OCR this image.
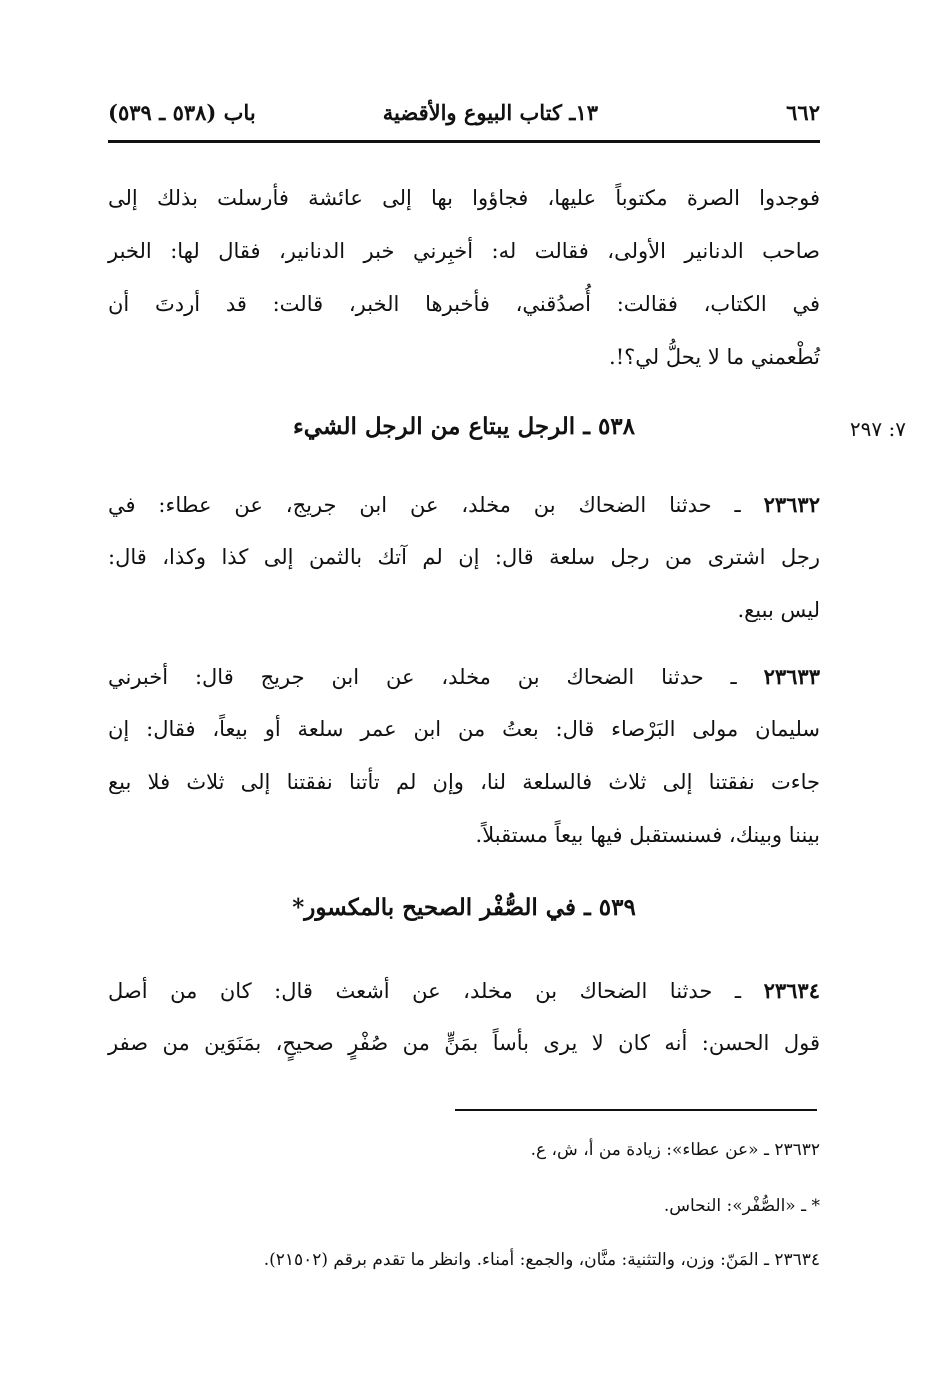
٦٦٢
١٣ـ كتاب البيوع والأقضية
باب (٥٣٨ ـ ٥٣٩)
فوجدوا الصرة مكتوباً عليها، فجاؤوا بها إلى عائشة فأرسلت بذلك إلى
صاحب الدنانير الأولى، فقالت له: أخبِرني خبر الدنانير، فقال لها: الخبر
في الكتاب، فقالت: أُصدُقني، فأخبرها الخبر، قالت: قد أردتَ أن
تُطْعمني ما لا يحلُّ لي؟!.
٧: ٢٩٧
٥٣٨ ـ الرجل يبتاع من الرجل الشيء
٢٣٦٣٢ ـ حدثنا الضحاك بن مخلد، عن ابن جريج، عن عطاء: في
رجل اشترى من رجل سلعة قال: إن لم آتك بالثمن إلى كذا وكذا، قال:
ليس ببيع.
٢٣٦٣٣ ـ حدثنا الضحاك بن مخلد، عن ابن جريج قال: أخبرني
سليمان مولى البَرْصاء قال: بعتُ من ابن عمر سلعة أو بيعاً، فقال: إن
جاءت نفقتنا إلى ثلاث فالسلعة لنا، وإن لم تأتنا نفقتنا إلى ثلاث فلا بيع
بيننا وبينك، فسنستقبل فيها بيعاً مستقبلاً.
٥٣٩ ـ في الصُّفْر الصحيح بالمكسور*
٢٣٦٣٤ ـ حدثنا الضحاك بن مخلد، عن أشعث قال: كان من أصل
قول الحسن: أنه كان لا يرى بأساً بمَنٍّ من صُفْرٍ صحيحٍ، بمَنَوَين من صفر
٢٣٦٣٢ ـ «عن عطاء»: زيادة من أ، ش، ع.
* ـ «الصُّفْر»: النحاس.
٢٣٦٣٤ ـ المَنّ: وزن، والتثنية: منَّان، والجمع: أمناء. وانظر ما تقدم برقم (٢١٥٠٢).
